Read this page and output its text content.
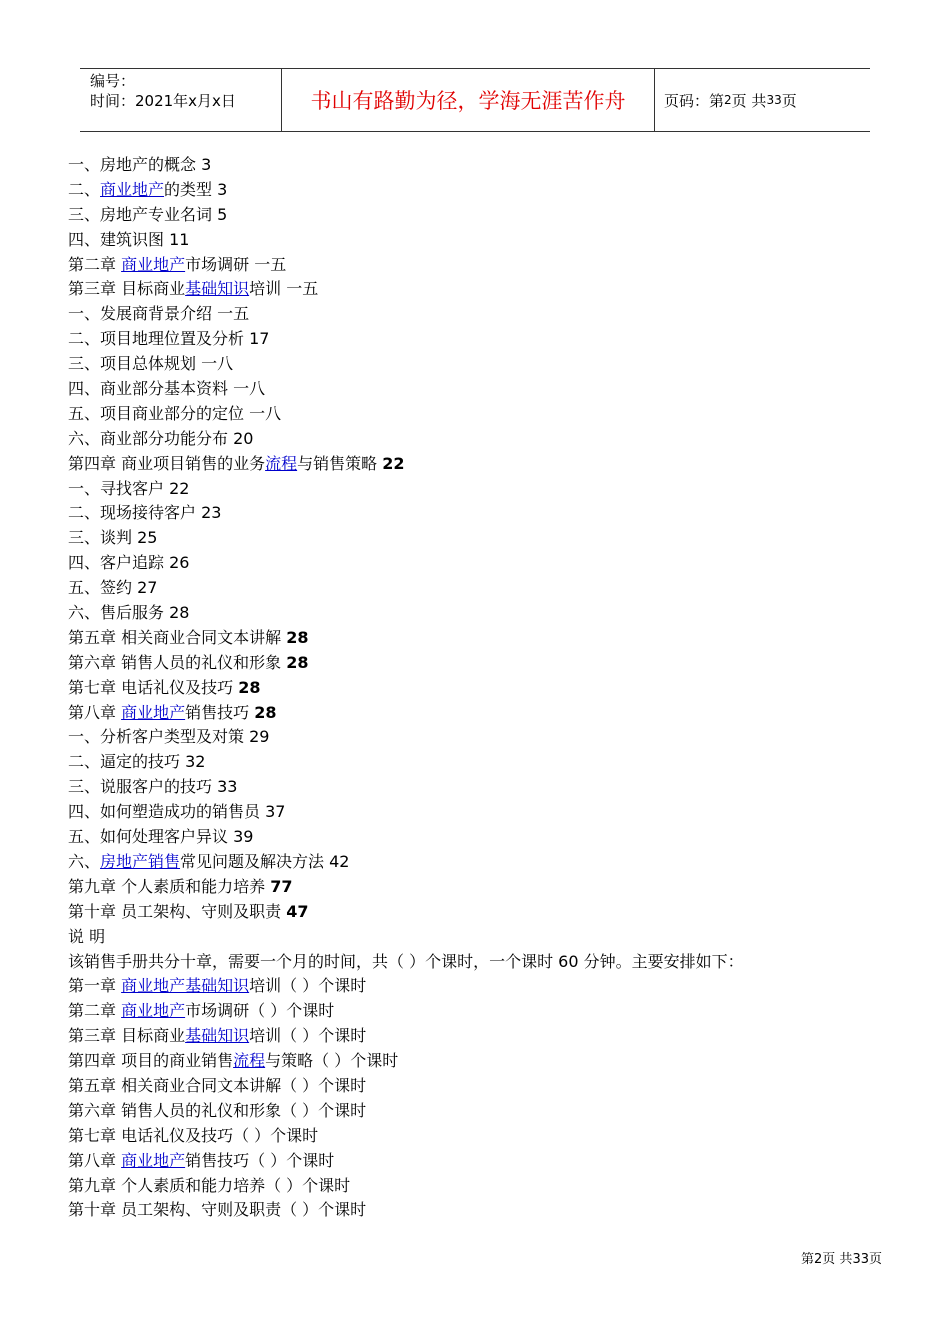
编号：
时间：2021年x月x日	书山有路勤为径，学海无涯苦作舟	页码：第 2 页 共 33 页
一、房地产的概念 3
二、商业地产的类型 3
三、房地产专业名词 5
四、建筑识图 11
第二章 商业地产市场调研 一五
第三章 目标商业基础知识培训 一五
一、发展商背景介绍 一五
二、项目地理位置及分析 17
三、项目总体规划 一八
四、商业部分基本资料 一八
五、项目商业部分的定位 一八
六、商业部分功能分布 20
第四章 商业项目销售的业务流程与销售策略 22
一、寻找客户 22
二、现场接待客户 23
三、谈判 25
四、客户追踪 26
五、签约 27
六、售后服务 28
第五章 相关商业合同文本讲解 28
第六章 销售人员的礼仪和形象 28
第七章 电话礼仪及技巧 28
第八章 商业地产销售技巧 28
一、分析客户类型及对策 29
二、逼定的技巧 32
三、说服客户的技巧 33
四、如何塑造成功的销售员 37
五、如何处理客户异议 39
六、房地产销售常见问题及解决方法 42
第九章 个人素质和能力培养 77
第十章 员工架构、守则及职责 47
说 明
该销售手册共分十章，需要一个月的时间，共（ ）个课时，一个课时 60 分钟。主要安排如下：
第一章 商业地产基础知识培训（ ）个课时
第二章 商业地产市场调研（ ）个课时
第三章 目标商业基础知识培训（ ）个课时
第四章 项目的商业销售流程与策略（ ）个课时
第五章 相关商业合同文本讲解（ ）个课时
第六章 销售人员的礼仪和形象（ ）个课时
第七章 电话礼仪及技巧（ ）个课时
第八章 商业地产销售技巧（ ）个课时
第九章 个人素质和能力培养（ ）个课时
第十章 员工架构、守则及职责（ ）个课时
第2页 共33页
